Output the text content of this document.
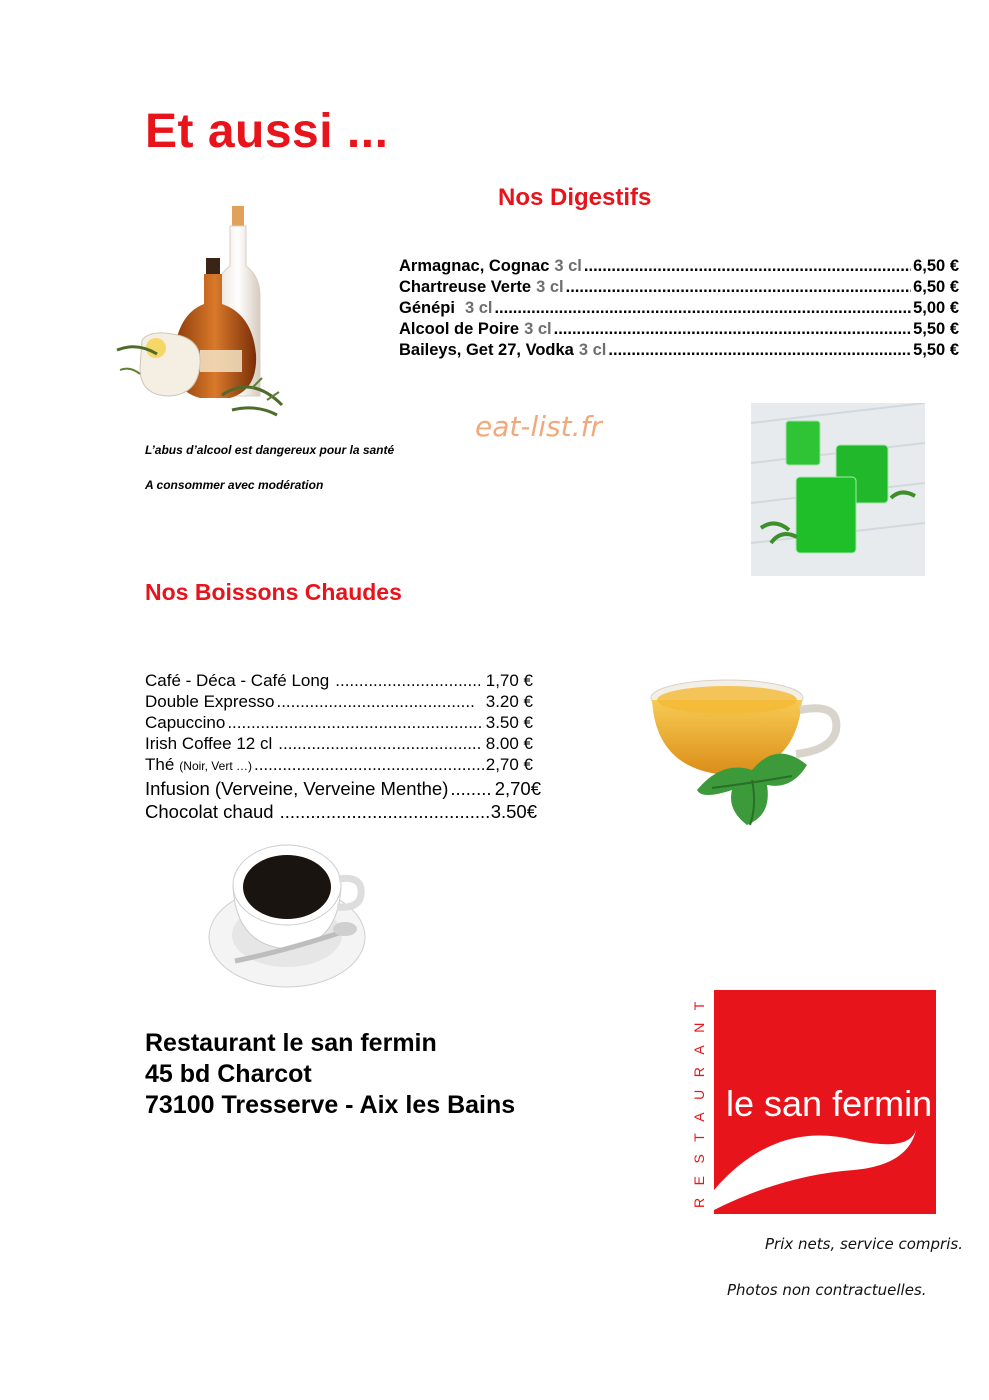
Et aussi ...
Nos Digestifs
Armagnac, Cognac 3 cl .....	6,50 €
Chartreuse Verte 3 cl .....	6,50 €
Génépi 3 cl .....	5,00 €
Alcool de Poire 3 cl .....	5,50 €
Baileys, Get 27, Vodka 3 cl .....	5,50 €
eat-list.fr
L’abus d’alcool est dangereux pour la santé
A consommer avec modération
Nos Boissons Chaudes
Café - Déca - Café Long .....	1,70 €
Double Expresso .....	3.20 €
Capuccino .....	3.50 €
Irish Coffee 12 cl .....	8.00 €
Thé (Noir, Vert …) .....	2,70 €
Infusion (Verveine, Verveine Menthe) .....	2,70€
Chocolat chaud .....	3.50€
Restaurant le san fermin
45 bd Charcot
73100 Tresserve - Aix les Bains	RESTAURANT le san fermin
Prix nets, service compris.
Photos non contractuelles.
